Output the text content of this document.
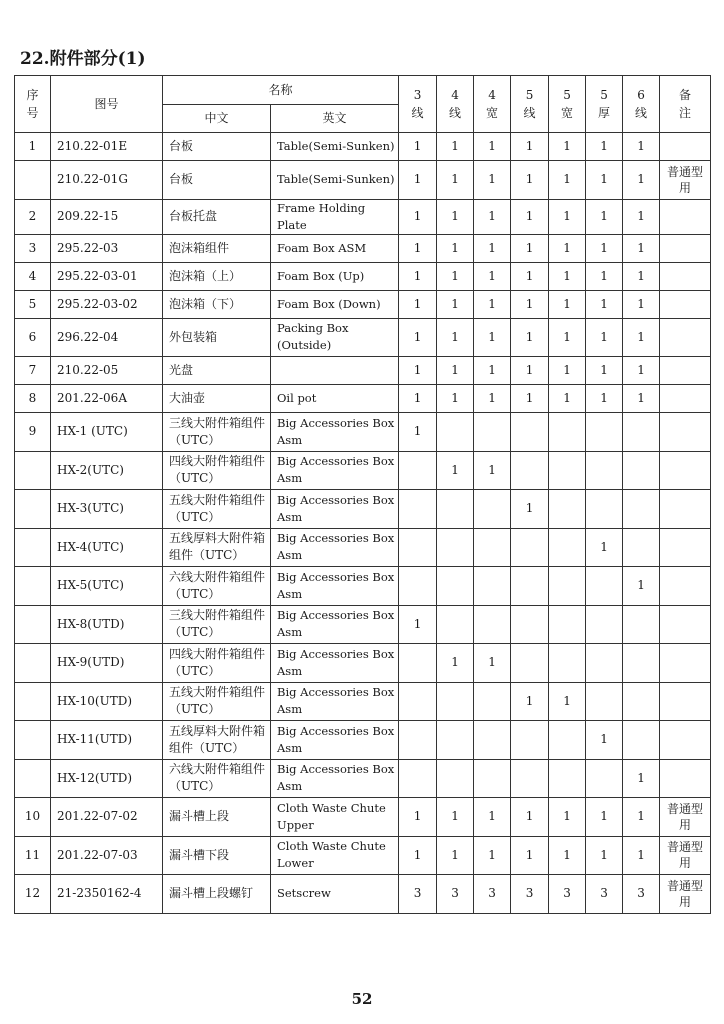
22.附件部分(1)
序号	图号	名称		3线	4线	4宽	5线	5宽	5厚	6线	备注
		中文	英文								
1	210.22-01E	台板	Table(Semi-Sunken)	1	1	1	1	1	1	1	
	210.22-01G	台板	Table(Semi-Sunken)	1	1	1	1	1	1	1	普通型用
2	209.22-15	台板托盘	Frame Holding Plate	1	1	1	1	1	1	1	
3	295.22-03	泡沫箱组件	Foam Box ASM	1	1	1	1	1	1	1	
4	295.22-03-01	泡沫箱（上）	Foam Box (Up)	1	1	1	1	1	1	1	
5	295.22-03-02	泡沫箱（下）	Foam Box (Down)	1	1	1	1	1	1	1	
6	296.22-04	外包装箱	Packing Box (Outside)	1	1	1	1	1	1	1	
7	210.22-05	光盘		1	1	1	1	1	1	1	
8	201.22-06A	大油壶	Oil pot	1	1	1	1	1	1	1	
9	HX-1 (UTC)	三线大附件箱组件（UTC）	Big Accessories Box Asm	1							
	HX-2(UTC)	四线大附件箱组件（UTC）	Big Accessories Box Asm		1	1					
	HX-3(UTC)	五线大附件箱组件（UTC）	Big Accessories Box Asm				1				
	HX-4(UTC)	五线厚料大附件箱组件（UTC）	Big Accessories Box Asm						1		
	HX-5(UTC)	六线大附件箱组件（UTC）	Big Accessories Box Asm							1	
	HX-8(UTD)	三线大附件箱组件（UTC）	Big Accessories Box Asm	1							
	HX-9(UTD)	四线大附件箱组件（UTC）	Big Accessories Box Asm		1	1					
	HX-10(UTD)	五线大附件箱组件（UTC）	Big Accessories Box Asm				1	1			
	HX-11(UTD)	五线厚料大附件箱组件（UTC）	Big Accessories Box Asm						1		
	HX-12(UTD)	六线大附件箱组件（UTC）	Big Accessories Box Asm							1	
10	201.22-07-02	漏斗槽上段	Cloth Waste Chute Upper	1	1	1	1	1	1	1	普通型用
11	201.22-07-03	漏斗槽下段	Cloth Waste Chute Lower	1	1	1	1	1	1	1	普通型用
12	21-2350162-4	漏斗槽上段螺钉	Setscrew	3	3	3	3	3	3	3	普通型用
52
